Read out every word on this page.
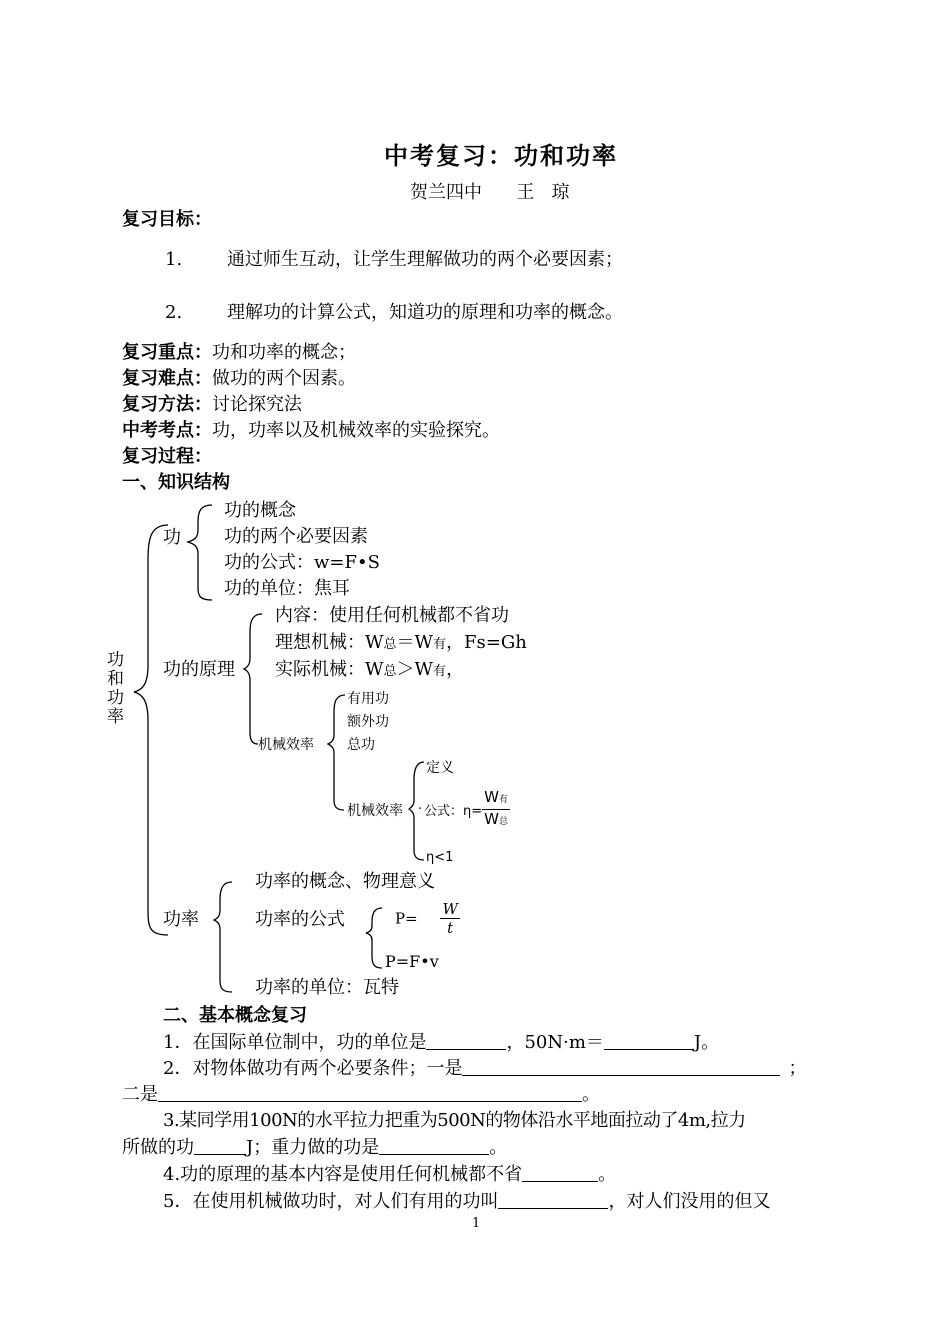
中考复习：功和功率
贺兰四中      王   琼
复习目标：
1. 通过师生互动，让学生理解做功的两个必要因素；
2. 理解功的计算公式，知道功的原理和功率的概念。
复习重点：功和功率的概念；
复习难点：做功的两个因素。
复习方法：讨论探究法
中考考点：功，功率以及机械效率的实验探究。
复习过程：
一、知识结构
功和功率
功
功的概念
功的两个必要因素
功的公式：w=F•S
功的单位：焦耳
功的原理
内容：使用任何机械都不省功
理想机械：W总＝W有，Fs=Gh
实际机械：W总＞W有，
机械效率
有用功
额外功
总功
机械效率
定义
· 公式：$\eta= \frac{\text{W有}}{\text{W总}}$
η<1
功率
功率的概念、物理意义
功率的公式	$P= \frac{W}{t}$
P=F•v
功率的单位：瓦特
二、基本概念复习
1．在国际单位制中，功的单位是	，50N·m＝	J。
2．对物体做功有两个必要条件；一是	；
二是	。
3.某同学用100N的水平拉力把重为500N的物体沿水平地面拉动了4m,拉力
所做的功	J；重力做的功是	。
4.功的原理的基本内容是使用任何机械都不省	。
5．在使用机械做功时，对人们有用的功叫	，对人们没用的但又
1
